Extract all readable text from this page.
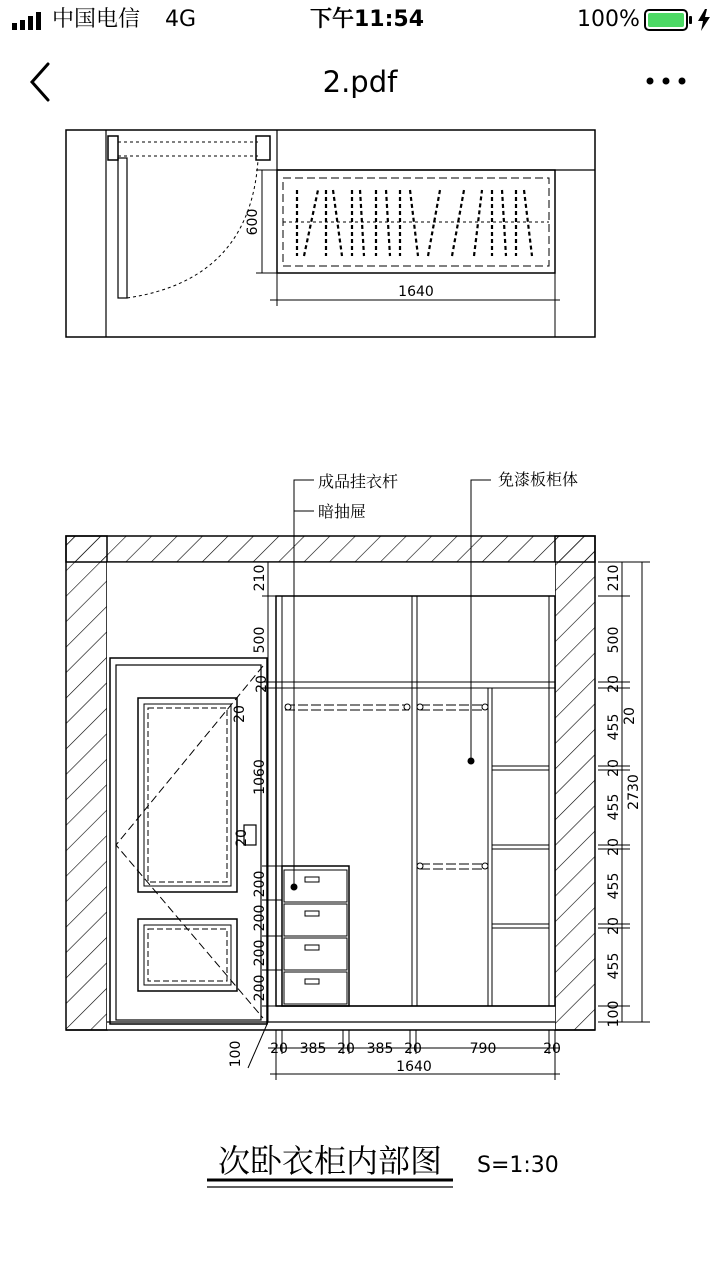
中国电信 4G	下午11:54	100%
2.pdf
600
1640
成品挂衣杆
暗抽屉
免漆板柜体
210
500
20
20
1060
20
200
200
200
200
210
500
20
455
20
455
20
455
20
455
100
20
2730
20 385 20 385 20	790	20
1640
100
次卧衣柜内部图 S=1:30
